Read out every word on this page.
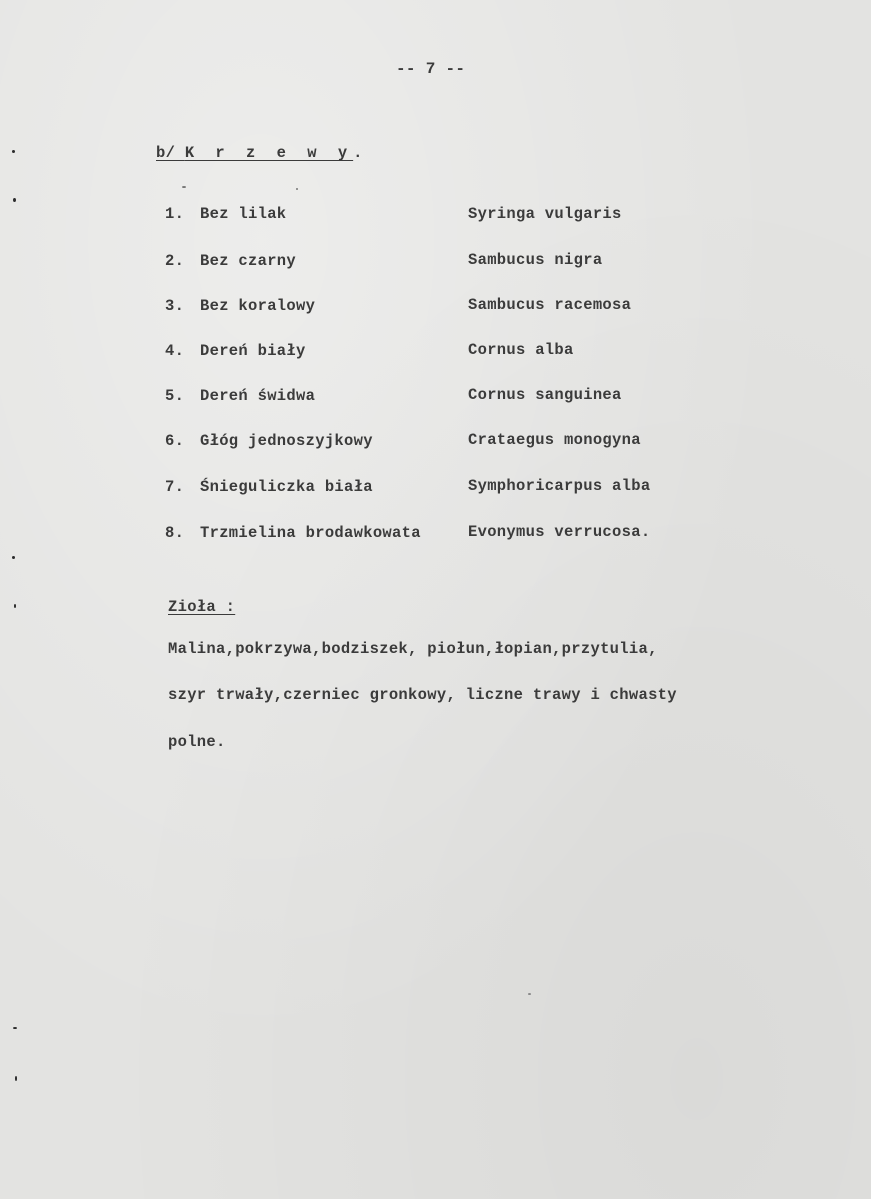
-- 7 --
b/ K r z e w y.
1. Bez lilak	Syringa vulgaris
2. Bez czarny	Sambucus nigra
3. Bez koralowy	Sambucus racemosa
4. Dereń biały	Cornus alba
5. Dereń świdwa	Cornus sanguinea
6. Głóg jednoszyjkowy	Crataegus monogyna
7. Śnieguliczka biała	Symphoricarpus alba
8. Trzmielina brodawkowata	Evonymus verrucosa.
Zioła :
Malina,pokrzywa,bodziszek, piołun,łopian,przytulia,
szyr trwały,czerniec gronkowy, liczne trawy i chwasty
polne.
